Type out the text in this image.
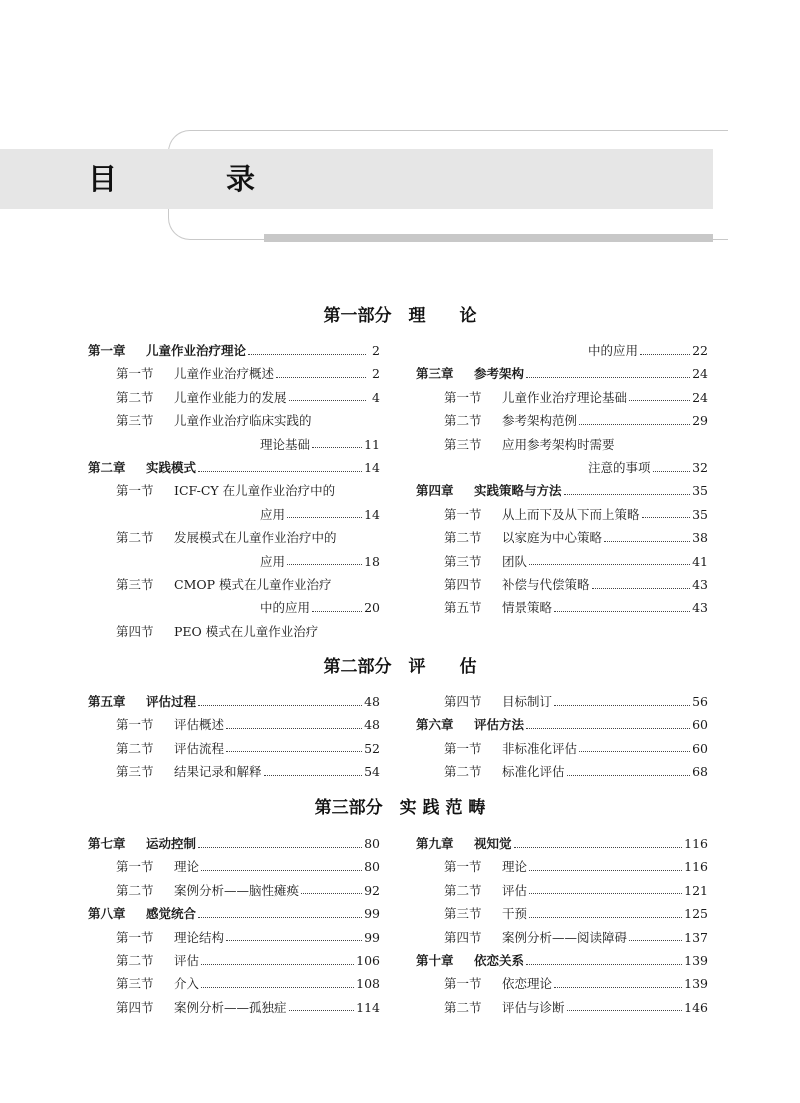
目　录
第一部分　理　　论
第一章	儿童作业治疗理论	2
第一节	儿童作业治疗概述	2
第二节	儿童作业能力的发展	4
第三节	儿童作业治疗临床实践的
理论基础	11
第二章	实践模式	14
第一节	ICF-CY 在儿童作业治疗中的
应用	14
第二节	发展模式在儿童作业治疗中的
应用	18
第三节	CMOP 模式在儿童作业治疗
中的应用	20
第四节	PEO 模式在儿童作业治疗
中的应用	22
第三章	参考架构	24
第一节	儿童作业治疗理论基础	24
第二节	参考架构范例	29
第三节	应用参考架构时需要
注意的事项	32
第四章	实践策略与方法	35
第一节	从上而下及从下而上策略	35
第二节	以家庭为中心策略	38
第三节	团队	41
第四节	补偿与代偿策略	43
第五节	情景策略	43
第二部分　评　　估
第五章	评估过程	48
第一节	评估概述	48
第二节	评估流程	52
第三节	结果记录和解释	54
第四节	目标制订	56
第六章	评估方法	60
第一节	非标准化评估	60
第二节	标准化评估	68
第三部分　实 践 范 畴
第七章	运动控制	80
第一节	理论	80
第二节	案例分析——脑性瘫痪	92
第八章	感觉统合	99
第一节	理论结构	99
第二节	评估	106
第三节	介入	108
第四节	案例分析——孤独症	114
第九章	视知觉	116
第一节	理论	116
第二节	评估	121
第三节	干预	125
第四节	案例分析——阅读障碍	137
第十章	依恋关系	139
第一节	依恋理论	139
第二节	评估与诊断	146
